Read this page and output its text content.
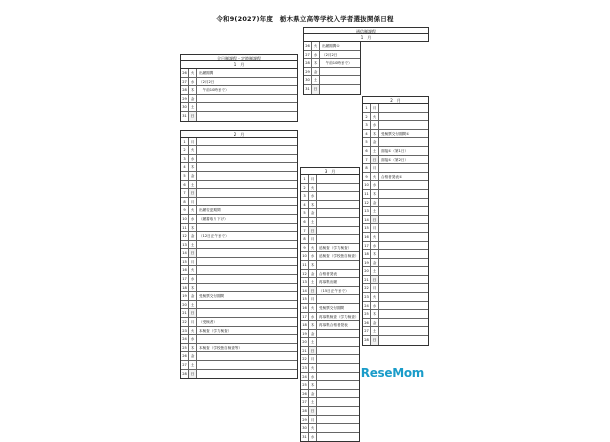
令和9(2027)年度　栃木県立高等学校入学者選抜関係日程
全日制課程・定時制課程
1　月
26	火	出願期間
27	水	（2月2日
28	木	　午前10時まで）
29	金
30	土
31	日
2　月
1	月
2	火
3	水
4	木
5	金
6	土
7	日
8	月
9	火	出願変更期間
10	水	（願書取り下げ）
11	木
12	金	（12日正午まで）
13	土
14	日
15	月
16	火
17	水
18	木
19	金	受検票交付期間
20	土
21	日
22	月	（受検者）
23	火	本検査（学力検査）
24	水
25	木	本検査（学校独自検査等）
26	金
27	土
28	日
3　月
1	月
2	火
3	水
4	木
5	金
6	土
7	日
8	月
9	火	追検査（学力検査）
10	水	追検査（学校独自検査）
11	木
12	金	合格者発表
13	土	再募集出願
14	日	（15日正午まで）
15	月
16	火	受検票交付期間
17	水	再募集検査（学力検査）
18	木	再募集合格者発表
19	金
20	土
21	日
22	月
23	火
24	水
25	木
26	金
27	土
28	日
29	月
30	火
31	水
通信制課程
1　月
26	火	出願期間①
27	水	（2月2日
28	木	　午前10時まで）
29	金
30	土
31	日
2　月
1	月
2	火
3	水
4	木	受検票交付期間①
5	金
6	土	面接①（第1日）
7	日	面接①（第2日）
8	月
9	火	合格者発表①
10	水
11	木
12	金
13	土
14	日
15	月
16	火
17	水
18	木
19	金
20	土
21	日
22	月
23	火
24	水
25	木
26	金
27	土
28	日
ReseMom
